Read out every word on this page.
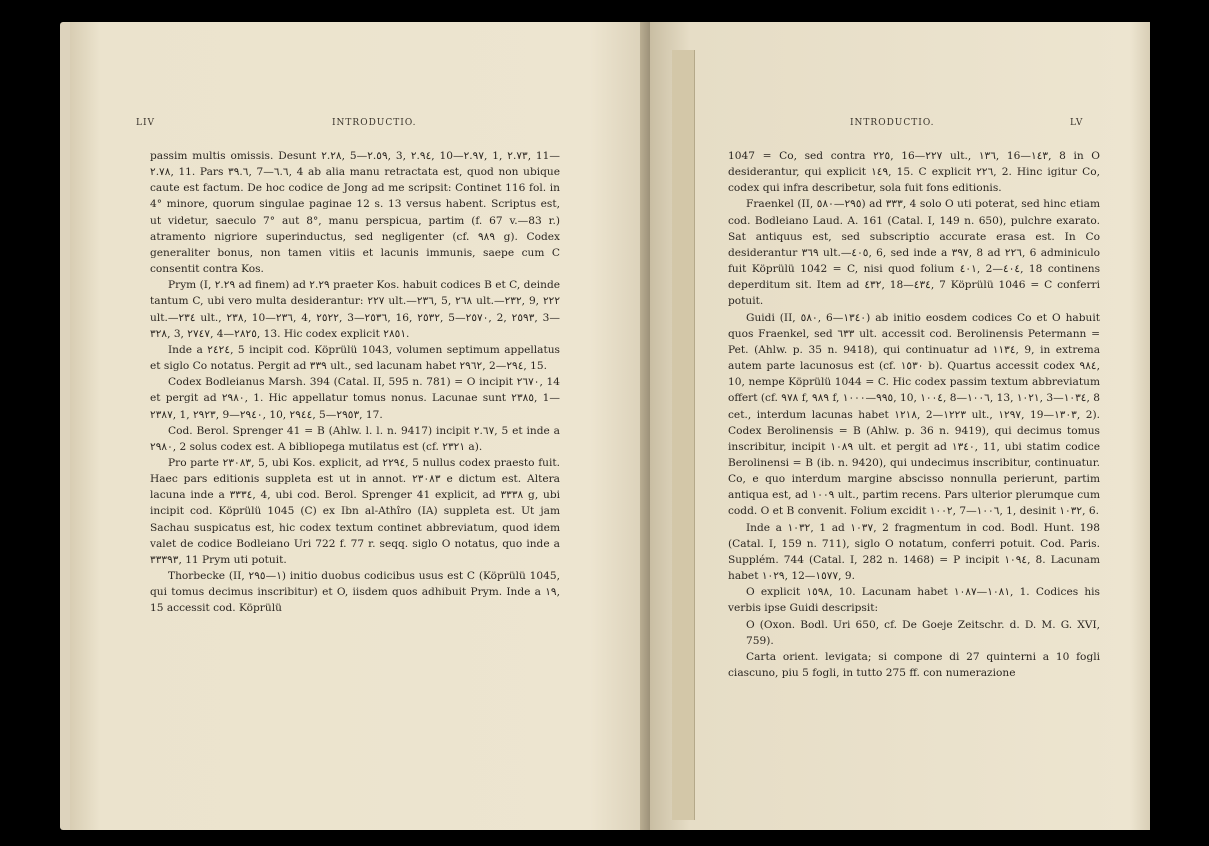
LIV	INTRODUCTIO.

passim multis omissis. Desunt ٢.٢٨, 5—٢.٥٩, 3, ٢.٩٤, 10—٢.٩٧, 1, ٢.٧٣, 11—٢.٧٨, 11. Pars ٣٩.٦, 7—٦.٦, 4 ab alia manu retractata est, quod non ubique caute est factum. De hoc codice de Jong ad me scripsit: Continet 116 fol. in 4° minore, quorum singulae paginae 12 s. 13 versus habent. Scriptus est, ut videtur, saeculo 7° aut 8°, manu perspicua, partim (f. 67 v.—83 r.) atramento nigriore superinductus, sed negligenter (cf. ٩٨٩ g). Codex generaliter bonus, non tamen vitiis et lacunis immunis, saepe cum C consentit contra Kos.

Prym (I, ٢.٢٩ ad finem) ad ٢.٢٩ praeter Kos. habuit codices B et C, deinde tantum C, ubi vero multa desiderantur: ٢٢٧ ult.—٢٣٦, 5, ٢٦٨ ult.—٢٣٢, 9, ٢٢٢ ult.—٢٣٤ ult., ٢٣٨, 10—٢٣٦, 4, ٢٥٢٢, 3—٢٥٣٦, 16, ٢٥٣٢, 5—٢٥٧٠, 2, ٢٥٩٣, 3—٣٢٨, 3, ٢٧٤٧, 4—٢٨٢٥, 13. Hic codex explicit ٢٨٥١.

Inde a ٢٤٢٤, 5 incipit cod. Köprülü 1043, volumen septimum appellatus et siglo Co notatus. Pergit ad ٣٣٩ ult., sed lacunam habet ٢٩٦٢, 2—٢٩٤, 15.

Codex Bodleianus Marsh. 394 (Catal. II, 595 n. 781) = O incipit ٢٦٧٠, 14 et pergit ad ٢٩٨٠, 1. Hic appellatur tomus nonus. Lacunae sunt ٢٣٨٥, 1—٢٣٨٧, 1, ٢٩٢٣, 9—٢٩٤٠, 10, ٢٩٤٤, 5—٢٩٥٣, 17.

Cod. Berol. Sprenger 41 = B (Ahlw. l. l. n. 9417) incipit ٢.٦٧, 5 et inde a ٢٩٨٠, 2 solus codex est. A bibliopega mutilatus est (cf. ٢٣٢١ a).

Pro parte ٢٣٠٨٣, 5, ubi Kos. explicit, ad ٢٢٩٤, 5 nullus codex praesto fuit. Haec pars editionis suppleta est ut in annot. ٢٣٠٨٣ e dictum est. Altera lacuna inde a ٣٣٣٤, 4, ubi cod. Berol. Sprenger 41 explicit, ad ٣٣٣٨ g, ubi incipit cod. Köprülü 1045 (C) ex Ibn al-Athîro (IA) suppleta est. Ut jam Sachau suspicatus est, hic codex textum continet abbreviatum, quod idem valet de codice Bodleiano Uri 722 f. 77 r. seqq. siglo O notatus, quo inde a ٣٣٣٩٣, 11 Prym uti potuit.

Thorbecke (II, ١—٢٩٥) initio duobus codicibus usus est C (Köprülü 1045, qui tomus decimus inscribitur) et O, iisdem quos adhibuit Prym. Inde a ١٩, 15 accessit cod. Köprülü

INTRODUCTIO.	LV

1047 = Co, sed contra ٢٢٥, 16—٢٢٧ ult., ١٣٦, 16—١٤٣, 8 in O desiderantur, qui explicit ١٤٩, 15. C explicit ٢٢٦, 2. Hinc igitur Co, codex qui infra describetur, sola fuit fons editionis.

Fraenkel (II, ٢٩٥—٥٨٠) ad ٣٣٣, 4 solo O uti poterat, sed hinc etiam cod. Bodleiano Laud. A. 161 (Catal. I, 149 n. 650), pulchre exarato. Sat antiquus est, sed subscriptio accurate erasa est. In Co desiderantur ٣٦٩ ult.—٤٠٥, 6, sed inde a ٣٩٧, 8 ad ٢٢٦, 6 adminiculo fuit Köprülü 1042 = C, nisi quod folium ٤٠١, 2—٤٠٤, 18 continens deperditum sit. Item ad ٤٣٢, 18—٤٣٤, 7 Köprülü 1046 = C conferri potuit.

Guidi (II, ٥٨٠, 6—١٣٤٠) ab initio eosdem codices Co et O habuit quos Fraenkel, sed ٦٣٣ ult. accessit cod. Berolinensis Petermann = Pet. (Ahlw. p. 35 n. 9418), qui continuatur ad ١١٣٤, 9, in extrema autem parte lacunosus est (cf. ١٥٣٠ b). Quartus accessit codex ٩٨٤, 10, nempe Köprülü 1044 = C. Hic codex passim textum abbreviatum offert (cf. ٩٧٨ f, ٩٨٩ f, ٩٩٥—١٠٠٠, 10, ١٠٠٤, 8—١٠٠٦, 13, ١٠٢١, 3—١٠٣٤, 8 cet., interdum lacunas habet ١٢١٨, 2—١٢٢٣ ult., ١٢٩٧, 19—١٣٠٣, 2). Codex Berolinensis = B (Ahlw. p. 36 n. 9419), qui decimus tomus inscribitur, incipit ١٠٨٩ ult. et pergit ad ١٣٤٠, 11, ubi statim codice Berolinensi = B (ib. n. 9420), qui undecimus inscribitur, continuatur. Co, e quo interdum margine abscisso nonnulla perierunt, partim antiqua est, ad ١٠٠٩ ult., partim recens. Pars ulterior plerumque cum codd. O et B convenit. Folium excidit ١٠٠٢, 7—١٠٠٦, 1, desinit ١٠٣٢, 6.

Inde a ١٠٣٢, 1 ad ١٠٣٧, 2 fragmentum in cod. Bodl. Hunt. 198 (Catal. I, 159 n. 711), siglo O notatum, conferri potuit. Cod. Paris. Supplém. 744 (Catal. I, 282 n. 1468) = P incipit ١٠٩٤, 8. Lacunam habet ١٠٢٩, 12—١٥٧٧, 9.

O explicit ١٥٩٨, 10. Lacunam habet ١٠٨١—١٠٨٧, 1. Codices his verbis ipse Guidi descripsit:

O (Oxon. Bodl. Uri 650, cf. De Goeje Zeitschr. d. D. M. G. XVI, 759).

Carta orient. levigata; si compone di 27 quinterni a 10 fogli ciascuno, piu 5 fogli, in tutto 275 ff. con numerazione
